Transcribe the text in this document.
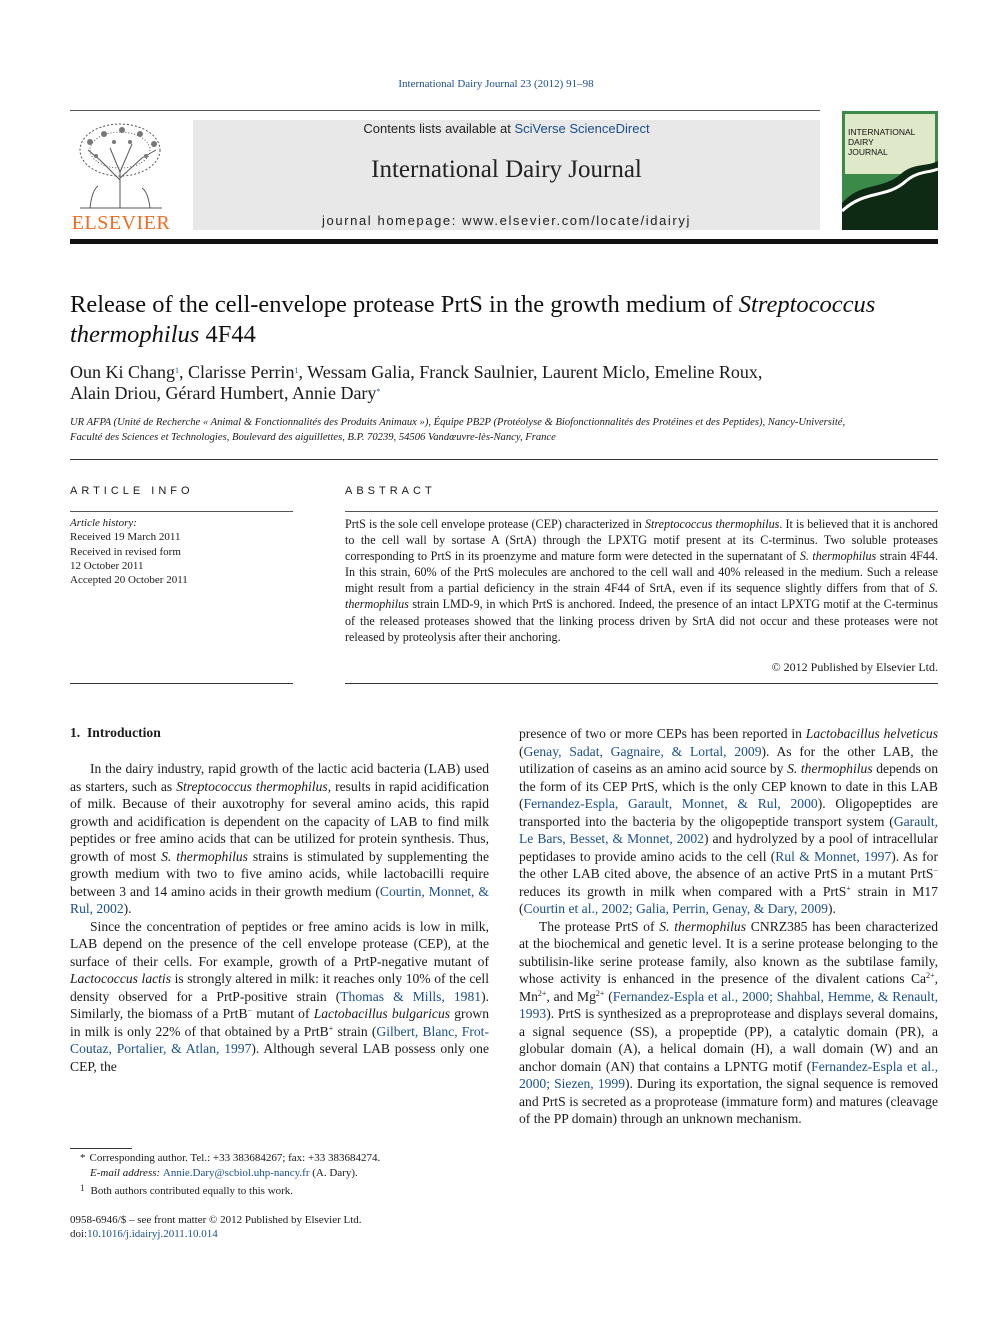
International Dairy Journal 23 (2012) 91–98
ELSEVIER
Contents lists available at SciVerse ScienceDirect
International Dairy Journal
journal homepage: www.elsevier.com/locate/idairyj
INTERNATIONAL
DAIRY
JOURNAL
Release of the cell-envelope protease PrtS in the growth medium of Streptococcus thermophilus 4F44
Oun Ki Chang$^1$, Clarisse Perrin$^1$, Wessam Galia, Franck Saulnier, Laurent Miclo, Emeline Roux,
Alain Driou, Gérard Humbert, Annie Dary*
UR AFPA (Unité de Recherche « Animal & Fonctionnalités des Produits Animaux »), Équipe PB2P (Protéolyse & Biofonctionnalités des Protéines et des Peptides), Nancy-Université,
Faculté des Sciences et Technologies, Boulevard des aiguillettes, B.P. 70239, 54506 Vandœuvre-lès-Nancy, France
ARTICLE INFO
Article history:
Received 19 March 2011
Received in revised form
12 October 2011
Accepted 20 October 2011
ABSTRACT
PrtS is the sole cell envelope protease (CEP) characterized in Streptococcus thermophilus. It is believed that it is anchored to the cell wall by sortase A (SrtA) through the LPXTG motif present at its C-terminus. Two soluble proteases corresponding to PrtS in its proenzyme and mature form were detected in the supernatant of S. thermophilus strain 4F44. In this strain, 60% of the PrtS molecules are anchored to the cell wall and 40% released in the medium. Such a release might result from a partial deficiency in the strain 4F44 of SrtA, even if its sequence slightly differs from that of S. thermophilus strain LMD-9, in which PrtS is anchored. Indeed, the presence of an intact LPXTG motif at the C-terminus of the released proteases showed that the linking process driven by SrtA did not occur and these proteases were not released by proteolysis after their anchoring.
© 2012 Published by Elsevier Ltd.
1. Introduction

In the dairy industry, rapid growth of the lactic acid bacteria (LAB) used as starters, such as Streptococcus thermophilus, results in rapid acidification of milk. Because of their auxotrophy for several amino acids, this rapid growth and acidification is dependent on the capacity of LAB to find milk peptides or free amino acids that can be utilized for protein synthesis. Thus, growth of most S. thermophilus strains is stimulated by supplementing the growth medium with two to five amino acids, while lactobacilli require between 3 and 14 amino acids in their growth medium (Courtin, Monnet, & Rul, 2002).

Since the concentration of peptides or free amino acids is low in milk, LAB depend on the presence of the cell envelope protease (CEP), at the surface of their cells. For example, growth of a PrtP-negative mutant of Lactococcus lactis is strongly altered in milk: it reaches only 10% of the cell density observed for a PrtP-positive strain (Thomas & Mills, 1981). Similarly, the biomass of a PrtB− mutant of Lactobacillus bulgaricus grown in milk is only 22% of that obtained by a PrtB+ strain (Gilbert, Blanc, Frot-Coutaz, Portalier, & Atlan, 1997). Although several LAB possess only one CEP, the

presence of two or more CEPs has been reported in Lactobacillus helveticus (Genay, Sadat, Gagnaire, & Lortal, 2009). As for the other LAB, the utilization of caseins as an amino acid source by S. thermophilus depends on the form of its CEP PrtS, which is the only CEP known to date in this LAB (Fernandez-Espla, Garault, Monnet, & Rul, 2000). Oligopeptides are transported into the bacteria by the oligopeptide transport system (Garault, Le Bars, Besset, & Monnet, 2002) and hydrolyzed by a pool of intracellular peptidases to provide amino acids to the cell (Rul & Monnet, 1997). As for the other LAB cited above, the absence of an active PrtS in a mutant PrtS− reduces its growth in milk when compared with a PrtS+ strain in M17 (Courtin et al., 2002; Galia, Perrin, Genay, & Dary, 2009).

The protease PrtS of S. thermophilus CNRZ385 has been characterized at the biochemical and genetic level. It is a serine protease belonging to the subtilisin-like serine protease family, also known as the subtilase family, whose activity is enhanced in the presence of the divalent cations $Ca^{2+}$, $Mn^{2+}$, and $Mg^{2+}$ (Fernandez-Espla et al., 2000; Shahbal, Hemme, & Renault, 1993). PrtS is synthesized as a preproprotease and displays several domains, a signal sequence (SS), a propeptide (PP), a catalytic domain (PR), a globular domain (A), a helical domain (H), a wall domain (W) and an anchor domain (AN) that contains a LPNTG motif (Fernandez-Espla et al., 2000; Siezen, 1999). During its exportation, the signal sequence is removed and PrtS is secreted as a proprotease (immature form) and matures (cleavage of the PP domain) through an unknown mechanism.

* Corresponding author. Tel.: +33 383684267; fax: +33 383684274.
E-mail address: Annie.Dary@scbiol.uhp-nancy.fr (A. Dary).
$^1$ Both authors contributed equally to this work.
0958-6946/$ – see front matter © 2012 Published by Elsevier Ltd.
doi:10.1016/j.idairyj.2011.10.014
